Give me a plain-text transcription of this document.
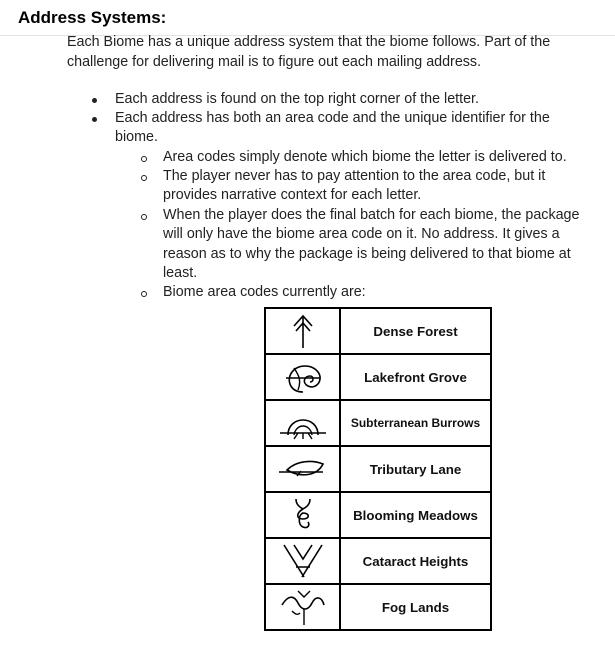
Address Systems:
Each Biome has a unique address system that the biome follows. Part of the challenge for delivering mail is to figure out each mailing address.
Each address is found on the top right corner of the letter.
Each address has both an area code and the unique identifier for the biome.
Area codes simply denote which biome the letter is delivered to.
The player never has to pay attention to the area code, but it provides narrative context for each letter.
When the player does the final batch for each biome, the package will only have the biome area code on it. No address. It gives a reason as to why the package is being delivered to that biome at least.
Biome area codes currently are:
	Dense Forest

	Lakefront Grove

	Subterranean Burrows

	Tributary Lane

	Blooming Meadows

	Cataract Heights

	Fog Lands
